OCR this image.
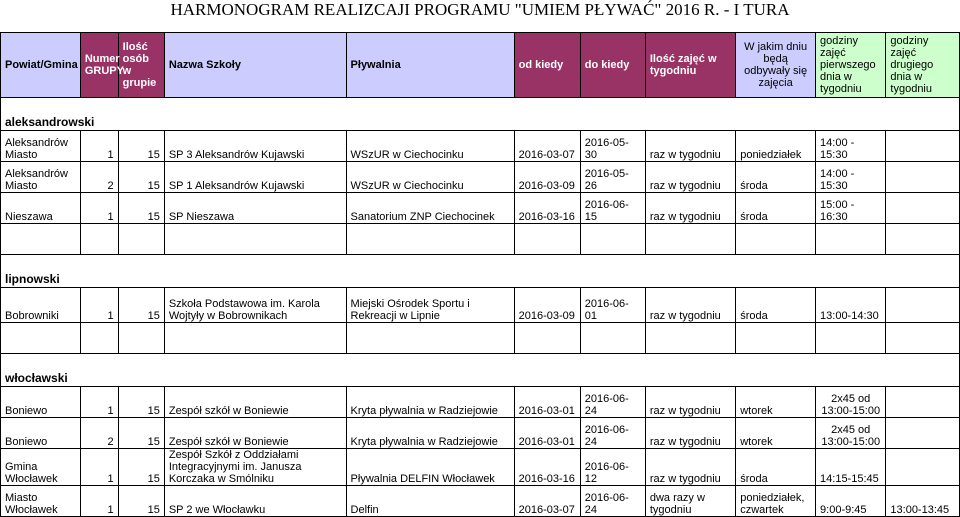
HARMONOGRAM REALIZCAJI PROGRAMU "UMIEM PŁYWAĆ" 2016 R. - I TURA
Powiat/Gmina	Numer GRUPY	Ilość osób w grupie	Nazwa Szkoły	Pływalnia	od kiedy	do kiedy	Ilość zajęć w tygodniu	W jakim dniu będą odbywały się zajęcia	godziny zajęć pierwszego dnia w tygodniu	godziny zajęć drugiego dnia w tygodniu
aleksandrowski										
Aleksandrów Miasto	1	15	SP 3 Aleksandrów Kujawski	WSzUR w Ciechocinku	2016-03-07	2016-05-30	raz w tygodniu	poniedziałek	14:00 - 15:30	
Aleksandrów Miasto	2	15	SP 1 Aleksandrów Kujawski	WSzUR w Ciechocinku	2016-03-09	2016-05-26	raz w tygodniu	środa	14:00 - 15:30	
Nieszawa	1	15	SP Nieszawa	Sanatorium ZNP Ciechocinek	2016-03-16	2016-06-15	raz w tygodniu	środa	15:00 - 16:30	

lipnowski										
Bobrowniki	1	15	Szkoła Podstawowa im. Karola Wojtyły w Bobrownikach	Miejski Ośrodek Sportu i Rekreacji w Lipnie	2016-03-09	2016-06-01	raz w tygodniu	środa	13:00-14:30	

włocławski										
Boniewo	1	15	Zespół szkół w Boniewie	Kryta pływalnia w Radziejowie	2016-03-01	2016-06-24	raz w tygodniu	wtorek	2x45 od 13:00-15:00	
Boniewo	2	15	Zespół szkół w Boniewie	Kryta pływalnia w Radziejowie	2016-03-01	2016-06-24	raz w tygodniu	wtorek	2x45 od 13:00-15:00	
Gmina Włocławek	1	15	Zespół Szkół z Oddziałami Integracyjnymi im. Janusza Korczaka w Smólniku	Pływalnia DELFIN Włocławek	2016-03-16	2016-06-12	raz w tygodniu	środa	14:15-15:45	
Miasto Włocławek	1	15	SP 2 we Włocławku	Delfin	2016-03-07	2016-06-24	dwa razy w tygodniu	poniedziałek, czwartek	9:00-9:45	13:00-13:45
